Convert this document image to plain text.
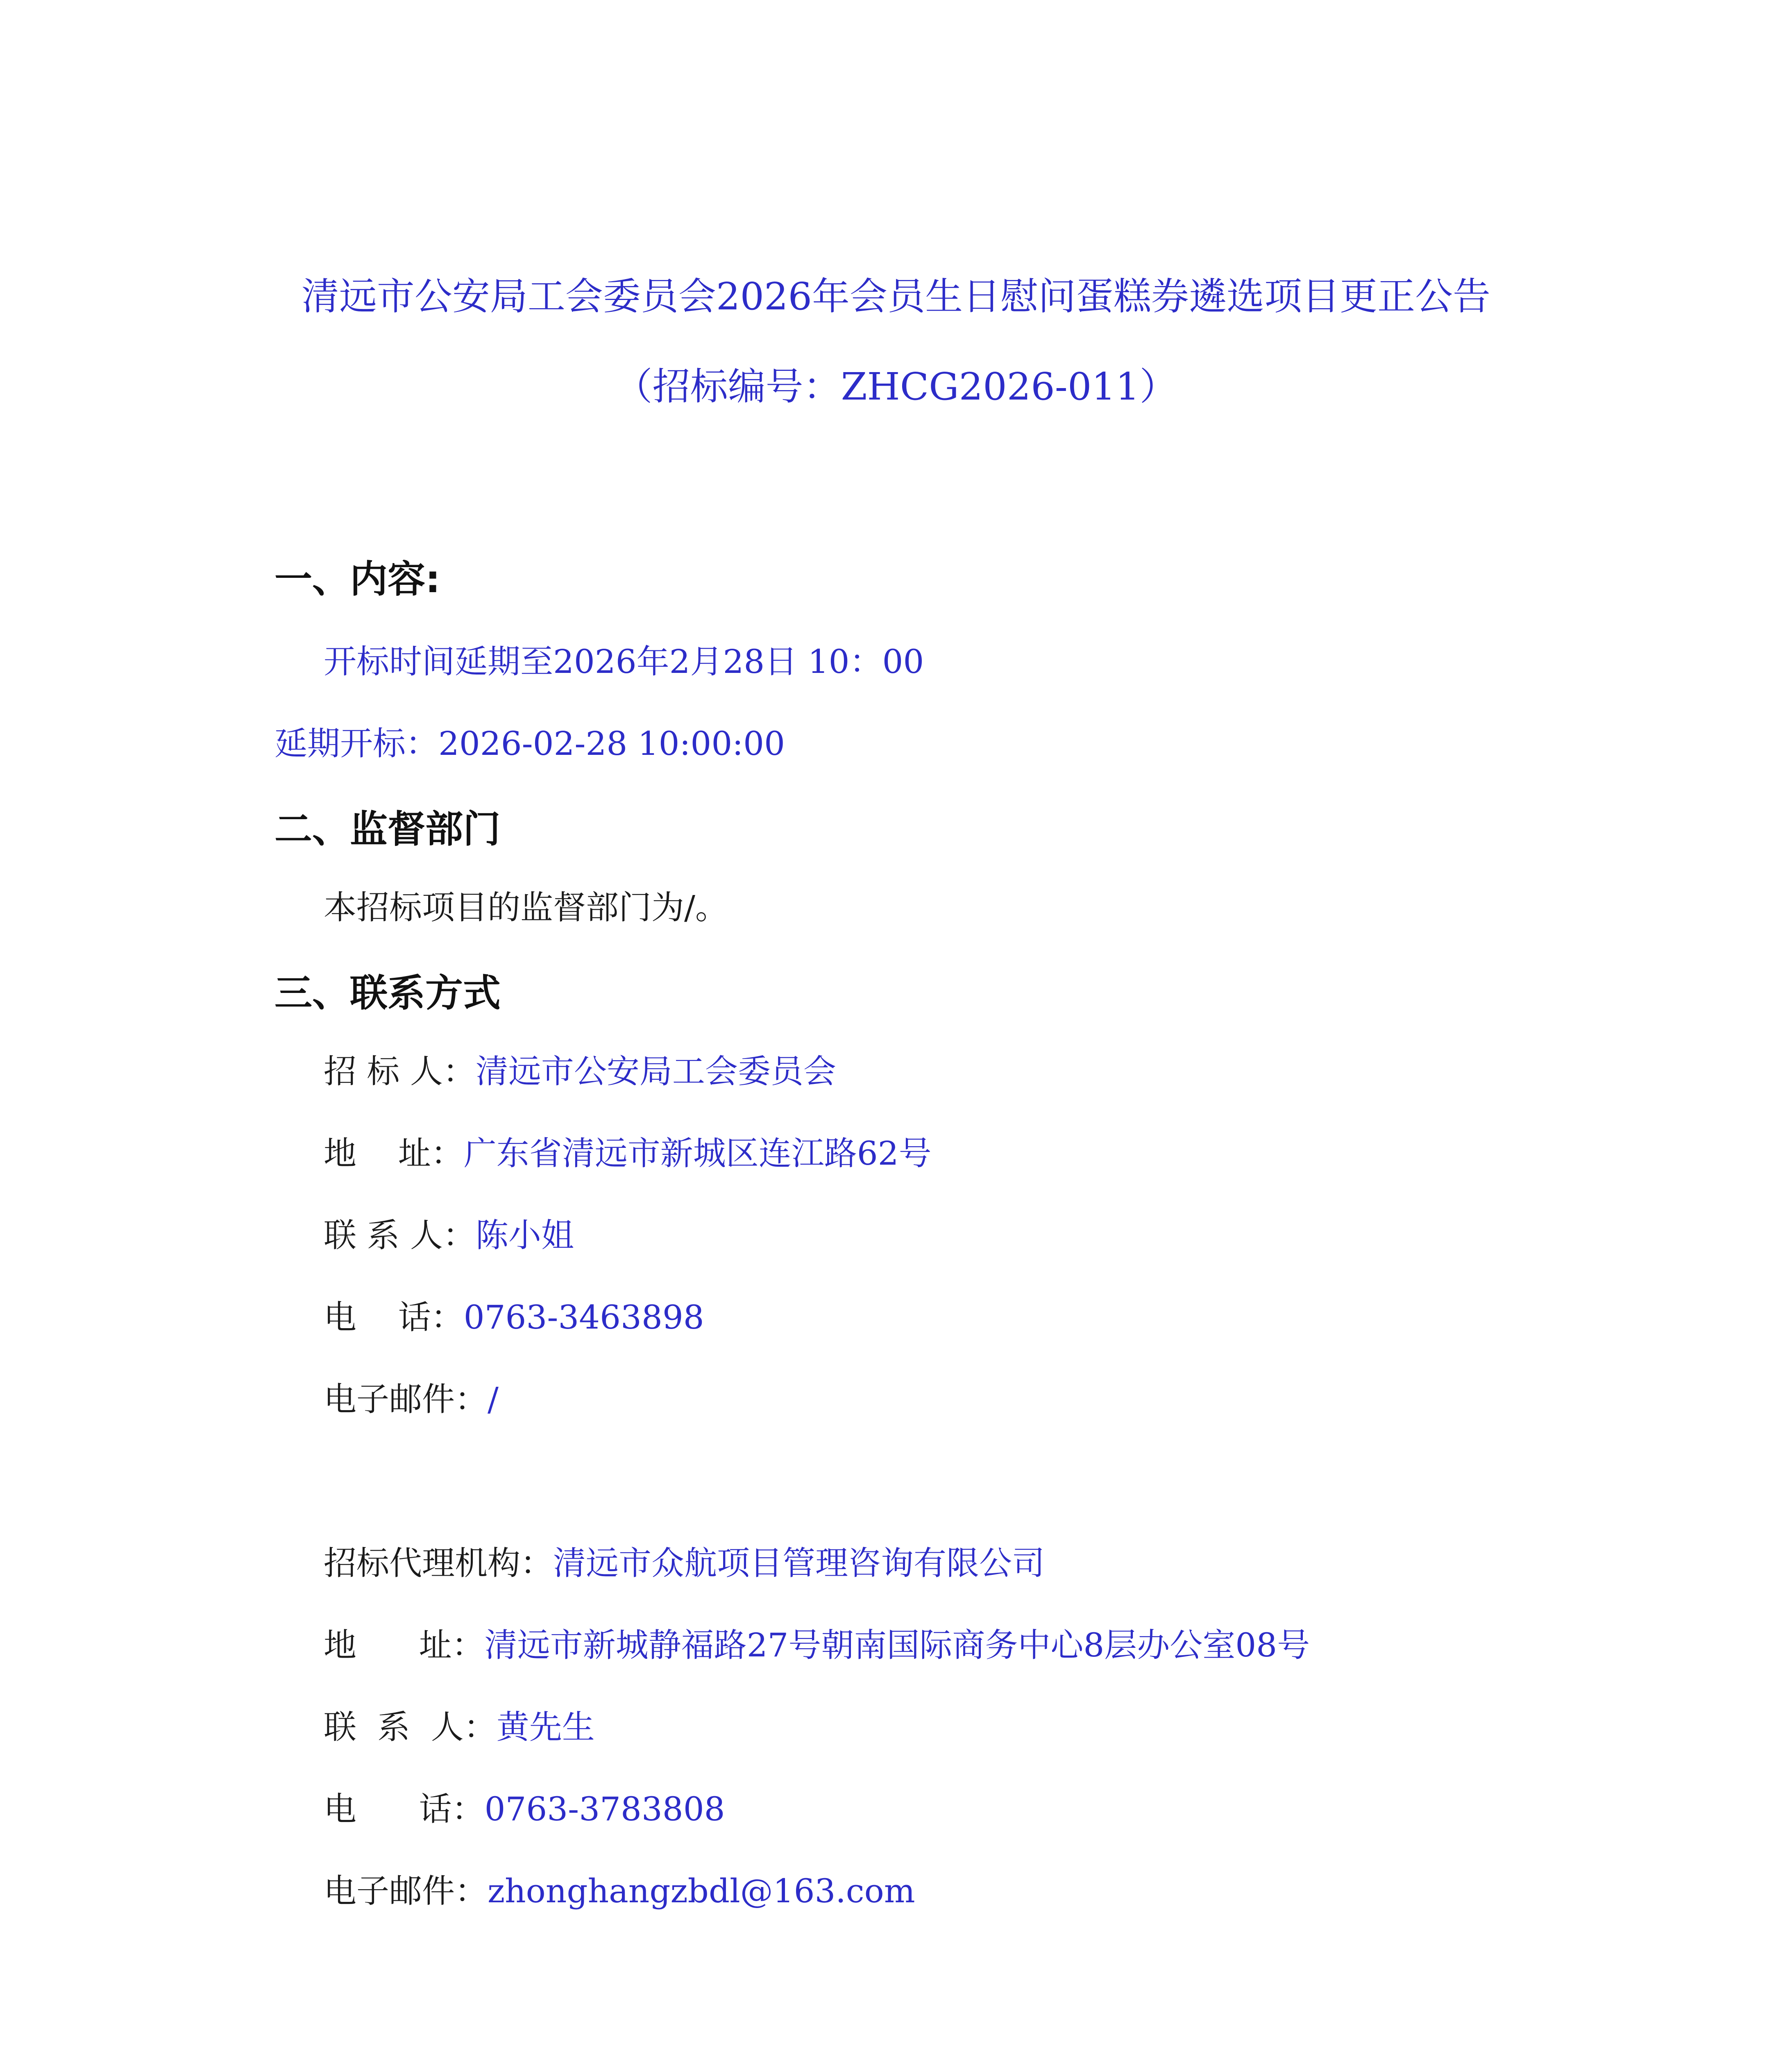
清远市公安局工会委员会2026年会员生日慰问蛋糕券遴选项目更正公告
（招标编号：ZHCG2026-011）
一、内容:
开标时间延期至2026年2月28日 10：00
延期开标：2026-02-28 10:00:00
二、监督部门
本招标项目的监督部门为/。
三、联系方式
招 标 人：清远市公安局工会委员会
地    址：广东省清远市新城区连江路62号
联 系 人：陈小姐
电    话：0763-3463898
电子邮件：/
招标代理机构：清远市众航项目管理咨询有限公司
地      址：清远市新城静福路27号朝南国际商务中心8层办公室08号
联  系  人：黄先生
电      话：0763-3783808
电子邮件：zhonghangzbdl@163.com
